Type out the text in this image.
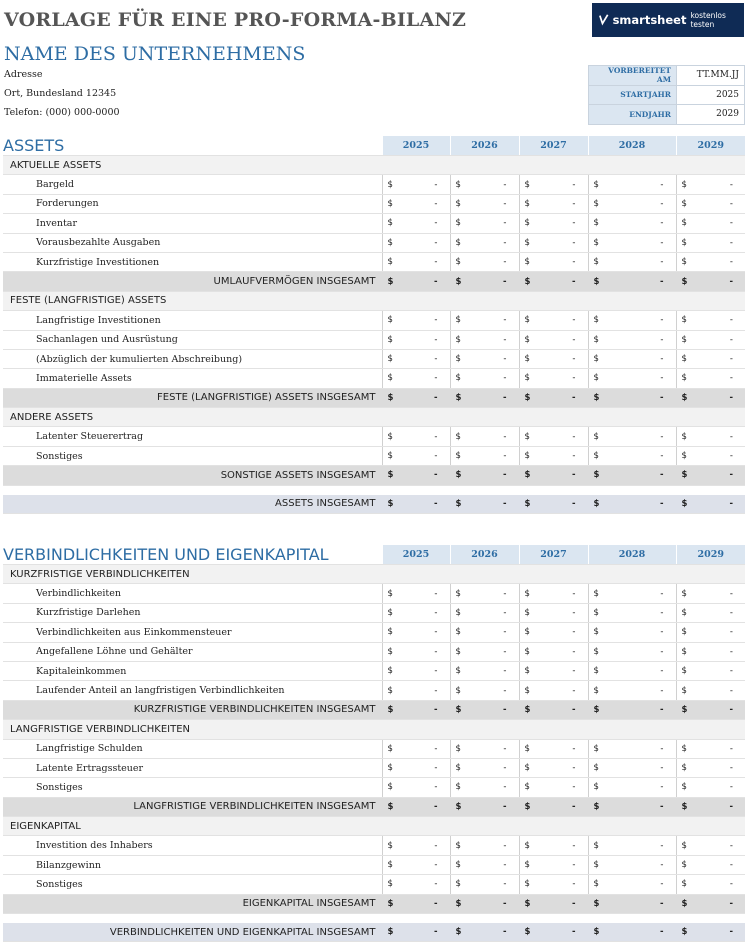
VORLAGE FÜR EINE PRO-FORMA-BILANZ
NAME DES UNTERNEHMENS
Adresse
Ort, Bundesland 12345
Telefon: (000) 000-0000
smartsheet kostenlos testen
VORBEREITET AM	TT.MM.JJ
STARTJAHR	2025
ENDJAHR	2029
ASSETS	2025	2026	2027	2028	2029
AKTUELLE ASSETS					
Bargeld	$ -	$ -	$ -	$ -	$ -

Forderungen	$ -	$ -	$ -	$ -	$ -

Inventar	$ -	$ -	$ -	$ -	$ -

Vorausbezahlte Ausgaben	$ -	$ -	$ -	$ -	$ -

Kurzfristige Investitionen	$ -	$ -	$ -	$ -	$ -

UMLAUFVERMÖGEN INSGESAMT	$ -	$ -	$ -	$ -	$ -

FESTE (LANGFRISTIGE) ASSETS					
Langfristige Investitionen	$ -	$ -	$ -	$ -	$ -

Sachanlagen und Ausrüstung	$ -	$ -	$ -	$ -	$ -

(Abzüglich der kumulierten Abschreibung)	$ -	$ -	$ -	$ -	$ -

Immaterielle Assets	$ -	$ -	$ -	$ -	$ -

FESTE (LANGFRISTIGE) ASSETS INSGESAMT	$ -	$ -	$ -	$ -	$ -

ANDERE ASSETS					
Latenter Steuerertrag	$ -	$ -	$ -	$ -	$ -

Sonstiges	$ -	$ -	$ -	$ -	$ -

SONSTIGE ASSETS INSGESAMT	$ -	$ -	$ -	$ -	$ -

ASSETS INSGESAMT	$ -	$ -	$ -	$ -	$ -
VERBINDLICHKEITEN UND EIGENKAPITAL	2025	2026	2027	2028	2029
KURZFRISTIGE VERBINDLICHKEITEN					
Verbindlichkeiten	$ -	$ -	$ -	$ -	$ -

Kurzfristige Darlehen	$ -	$ -	$ -	$ -	$ -

Verbindlichkeiten aus Einkommensteuer	$ -	$ -	$ -	$ -	$ -

Angefallene Löhne und Gehälter	$ -	$ -	$ -	$ -	$ -

Kapitaleinkommen	$ -	$ -	$ -	$ -	$ -

Laufender Anteil an langfristigen Verbindlichkeiten	$ -	$ -	$ -	$ -	$ -

KURZFRISTIGE VERBINDLICHKEITEN INSGESAMT	$ -	$ -	$ -	$ -	$ -

LANGFRISTIGE VERBINDLICHKEITEN					
Langfristige Schulden	$ -	$ -	$ -	$ -	$ -

Latente Ertragssteuer	$ -	$ -	$ -	$ -	$ -

Sonstiges	$ -	$ -	$ -	$ -	$ -

LANGFRISTIGE VERBINDLICHKEITEN INSGESAMT	$ -	$ -	$ -	$ -	$ -

EIGENKAPITAL					
Investition des Inhabers	$ -	$ -	$ -	$ -	$ -

Bilanzgewinn	$ -	$ -	$ -	$ -	$ -

Sonstiges	$ -	$ -	$ -	$ -	$ -

EIGENKAPITAL INSGESAMT	$ -	$ -	$ -	$ -	$ -

VERBINDLICHKEITEN UND EIGENKAPITAL INSGESAMT	$ -	$ -	$ -	$ -	$ -
